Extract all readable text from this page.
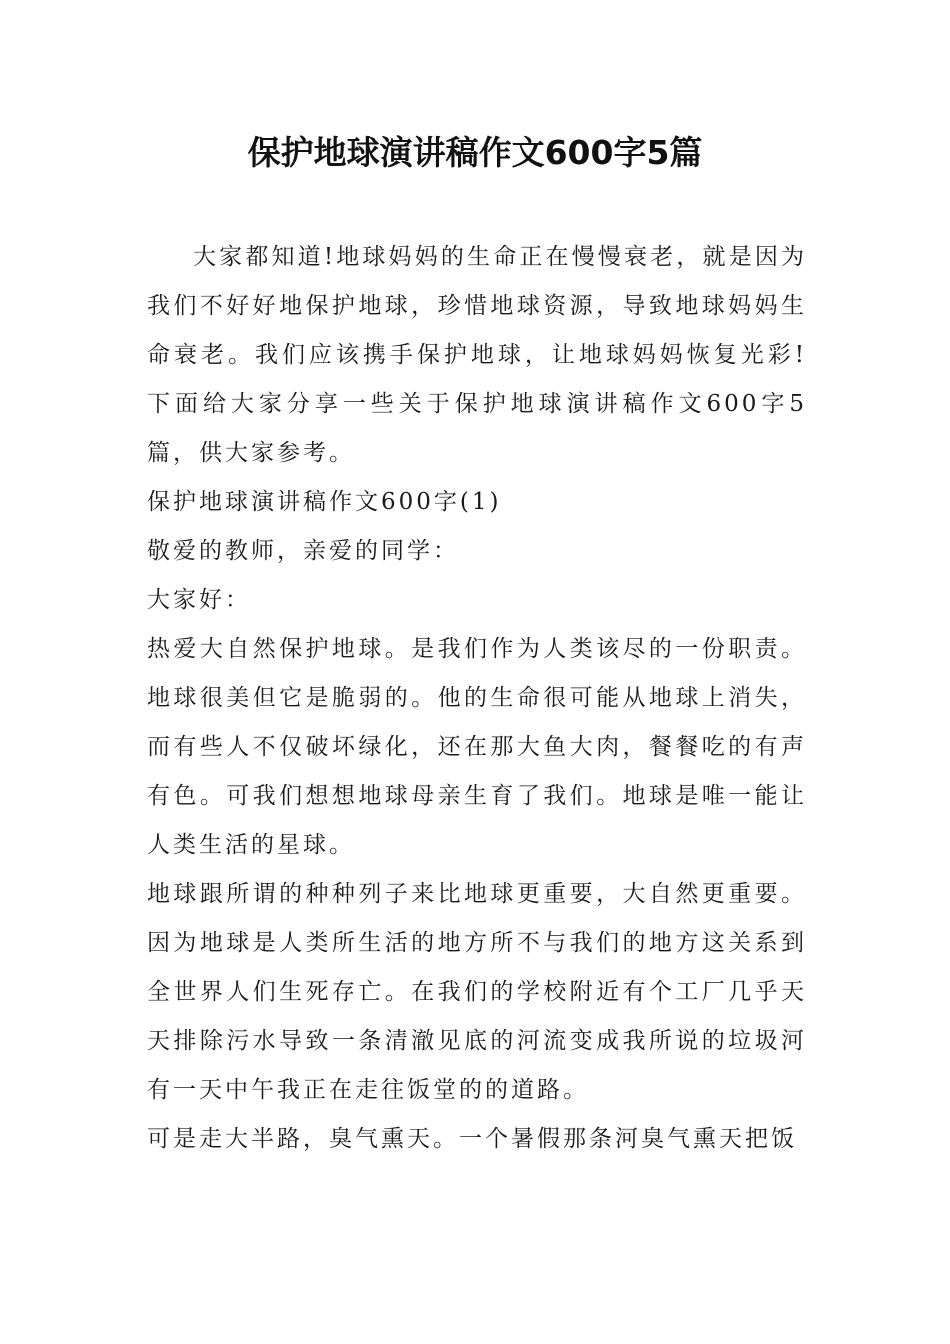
保护地球演讲稿作文600字5篇

大家都知道!地球妈妈的生命正在慢慢衰老，就是因为我们不好好地保护地球，珍惜地球资源，导致地球妈妈生命衰老。我们应该携手保护地球，让地球妈妈恢复光彩!下面给大家分享一些关于保护地球演讲稿作文600字5篇，供大家参考。

保护地球演讲稿作文600字(1)

敬爱的教师，亲爱的同学：

大家好：

热爱大自然保护地球。是我们作为人类该尽的一份职责。地球很美但它是脆弱的。他的生命很可能从地球上消失，而有些人不仅破坏绿化，还在那大鱼大肉，餐餐吃的有声有色。可我们想想地球母亲生育了我们。地球是唯一能让人类生活的星球。

地球跟所谓的种种列子来比地球更重要，大自然更重要。因为地球是人类所生活的地方所不与我们的地方这关系到全世界人们生死存亡。在我们的学校附近有个工厂几乎天天排除污水导致一条清澈见底的河流变成我所说的垃圾河有一天中午我正在走往饭堂的的道路。

可是走大半路，臭气熏天。一个暑假那条河臭气熏天把饭
